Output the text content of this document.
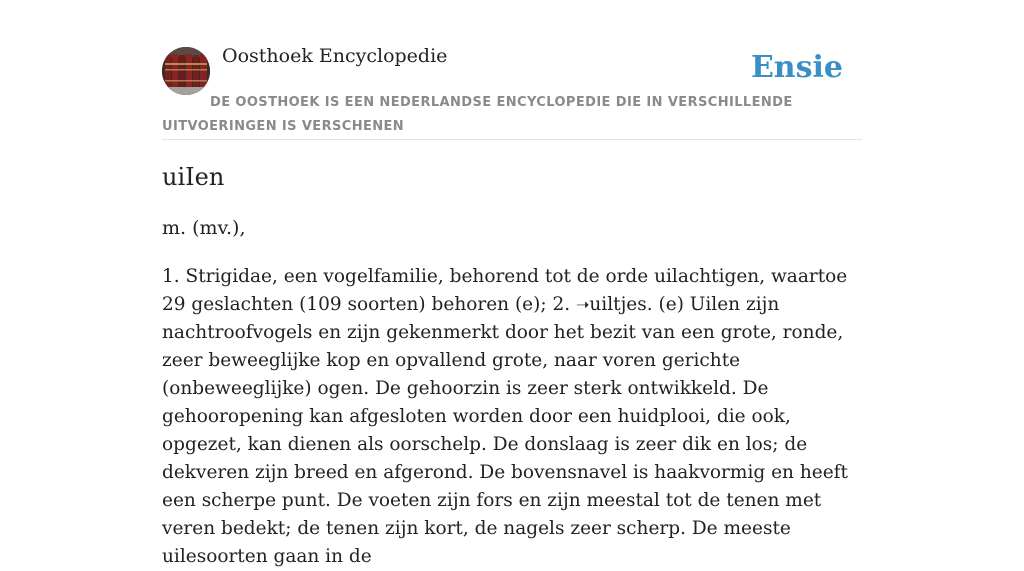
Oosthoek Encyclopedie	Ensie
DE OOSTHOEK IS EEN NEDERLANDSE ENCYCLOPEDIE DIE IN VERSCHILLENDE UITVOERINGEN IS VERSCHENEN
uiIen

m. (mv.),

1. Strigidae, een vogelfamilie, behorend tot de orde uilachtigen, waartoe 29 geslachten (109 soorten) behoren (e); 2. ➝uiltjes. (e) Uilen zijn nachtroofvogels en zijn gekenmerkt door het bezit van een grote, ronde, zeer beweeglijke kop en opvallend grote, naar voren gerichte (onbeweeglijke) ogen. De gehoorzin is zeer sterk ontwikkeld. De gehooropening kan afgesloten worden door een huidplooi, die ook, opgezet, kan dienen als oorschelp. De donslaag is zeer dik en los; de dekveren zijn breed en afgerond. De bovensnavel is haakvormig en heeft een scherpe punt. De voeten zijn fors en zijn meestal tot de tenen met veren bedekt; de tenen zijn kort, de nagels zeer scherp. De meeste uilesoorten gaan in de
